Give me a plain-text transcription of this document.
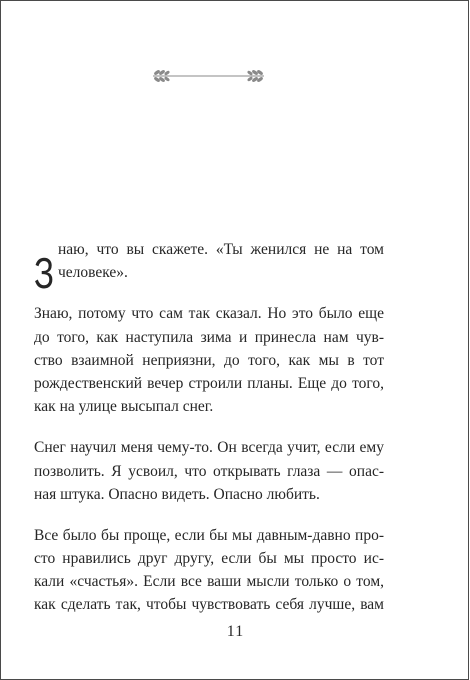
З наю, что вы скажете. «Ты женился не на том
человеке».
Знаю, потому что сам так сказал. Но это было еще
до того, как наступила зима и принесла нам чув-
ство взаимной неприязни, до того, как мы в тот
рождественский вечер строили планы. Еще до того,
как на улице высыпал снег.
Снег научил меня чему-то. Он всегда учит, если ему
позволить. Я усвоил, что открывать глаза — опас-
ная штука. Опасно видеть. Опасно любить.
Все было бы проще, если бы мы давным-давно про-
сто нравились друг другу, если бы мы просто ис-
кали «счастья». Если все ваши мысли только о том,
как сделать так, чтобы чувствовать себя лучше, вам
11
